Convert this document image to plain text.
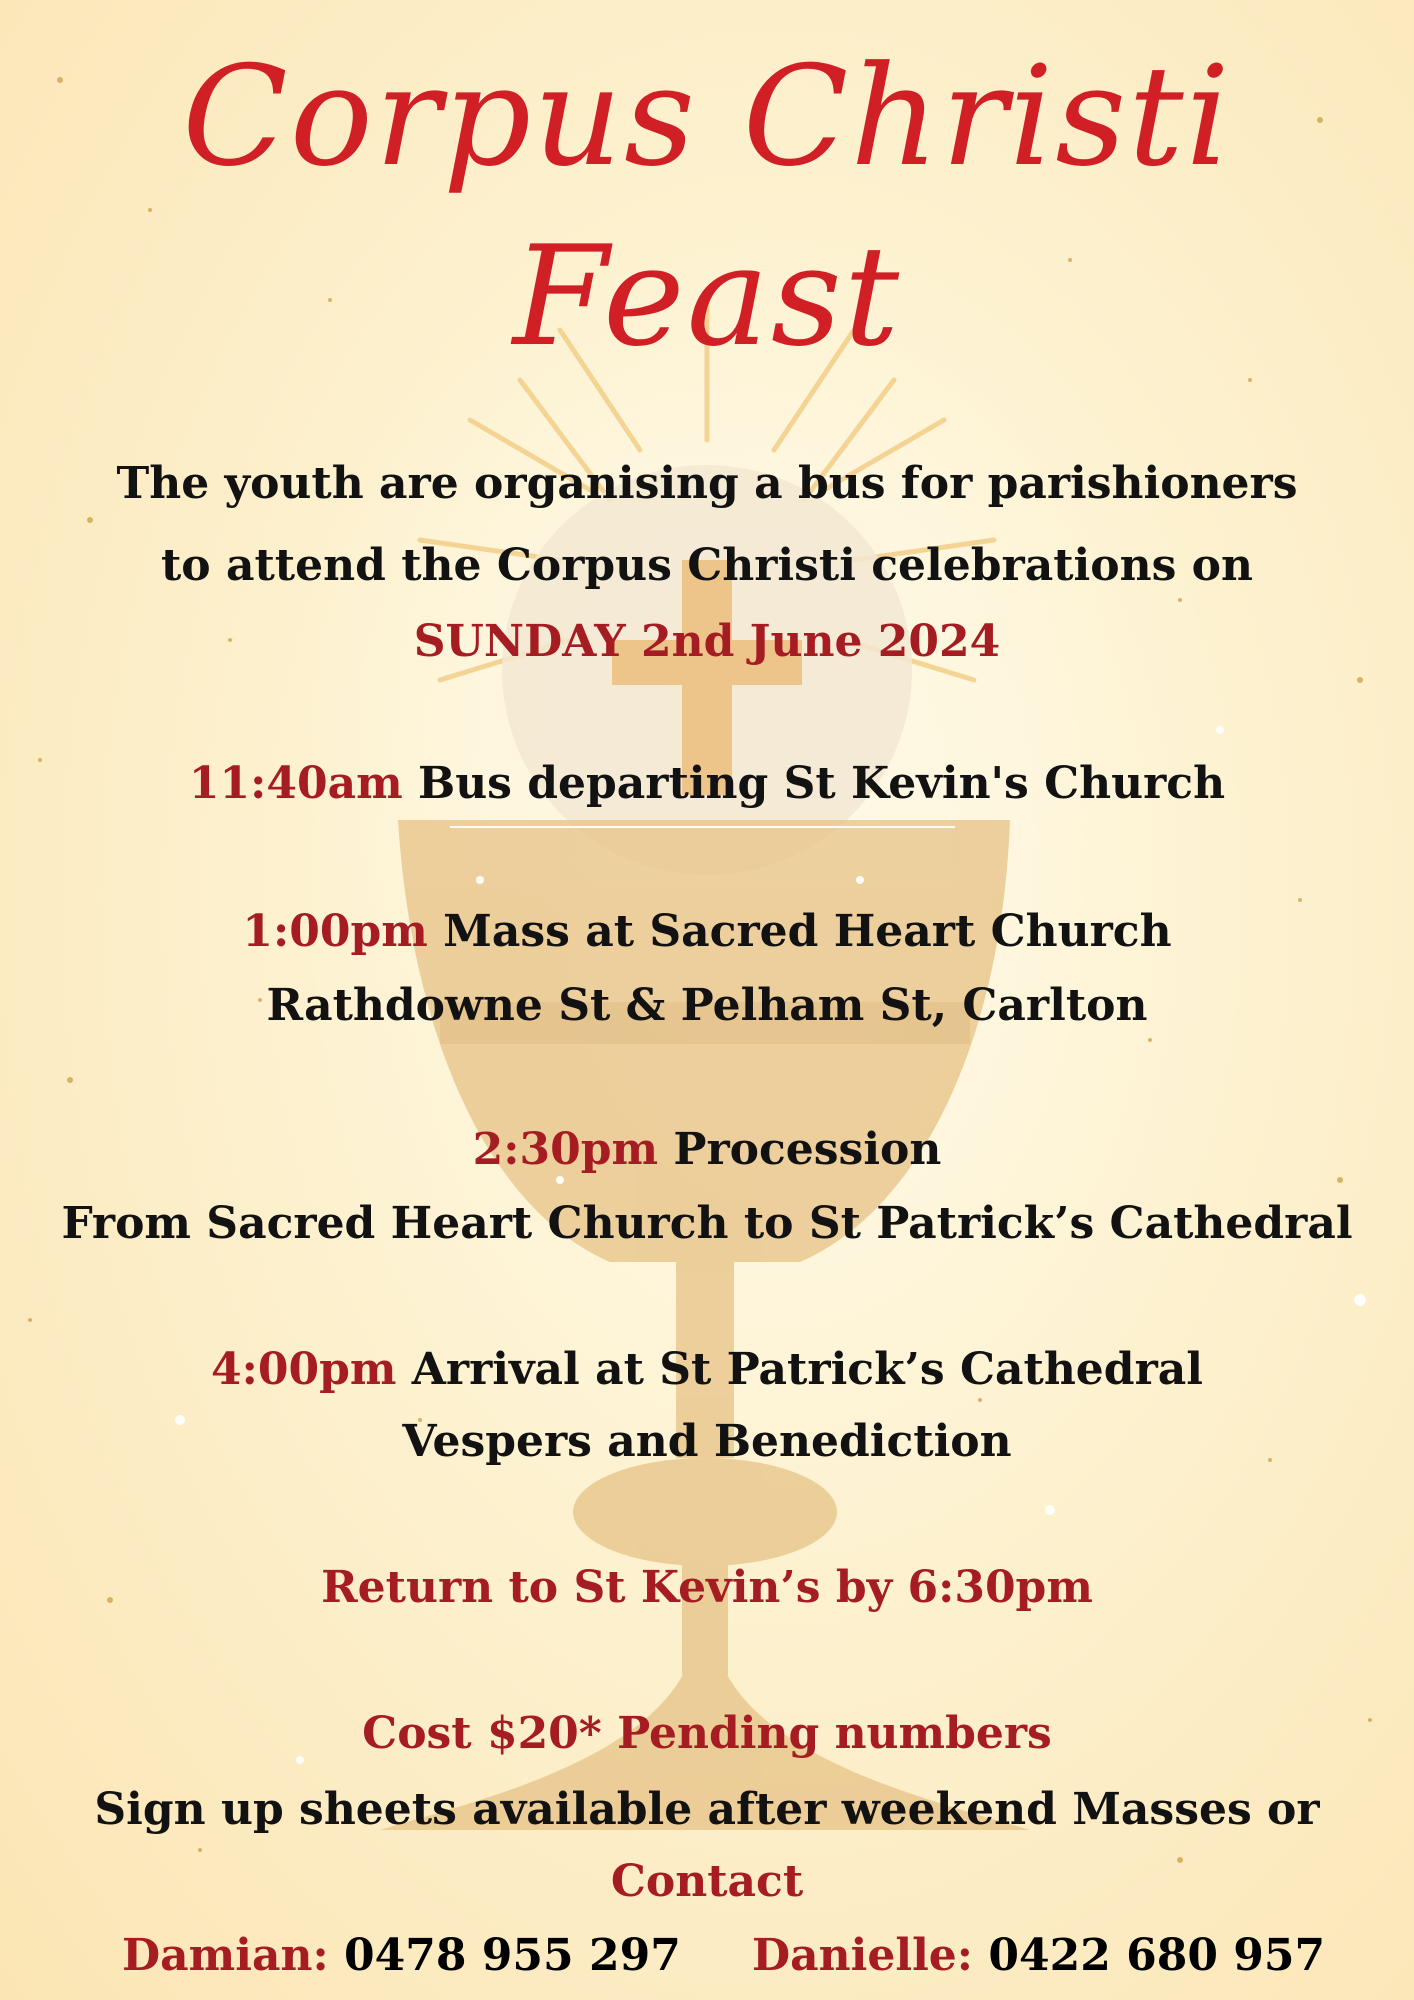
Corpus Christi
Feast
The youth are organising a bus for parishioners
to attend the Corpus Christi celebrations on
SUNDAY 2nd June 2024
11:40am Bus departing St Kevin's Church
1:00pm Mass at Sacred Heart Church
Rathdowne St & Pelham St, Carlton
2:30pm Procession
From Sacred Heart Church to St Patrick’s Cathedral
4:00pm Arrival at St Patrick’s Cathedral
Vespers and Benediction
Return to St Kevin’s by 6:30pm
Cost $20* Pending numbers
Sign up sheets available after weekend Masses or
Contact
Damian: 0478 955 297 Danielle: 0422 680 957
